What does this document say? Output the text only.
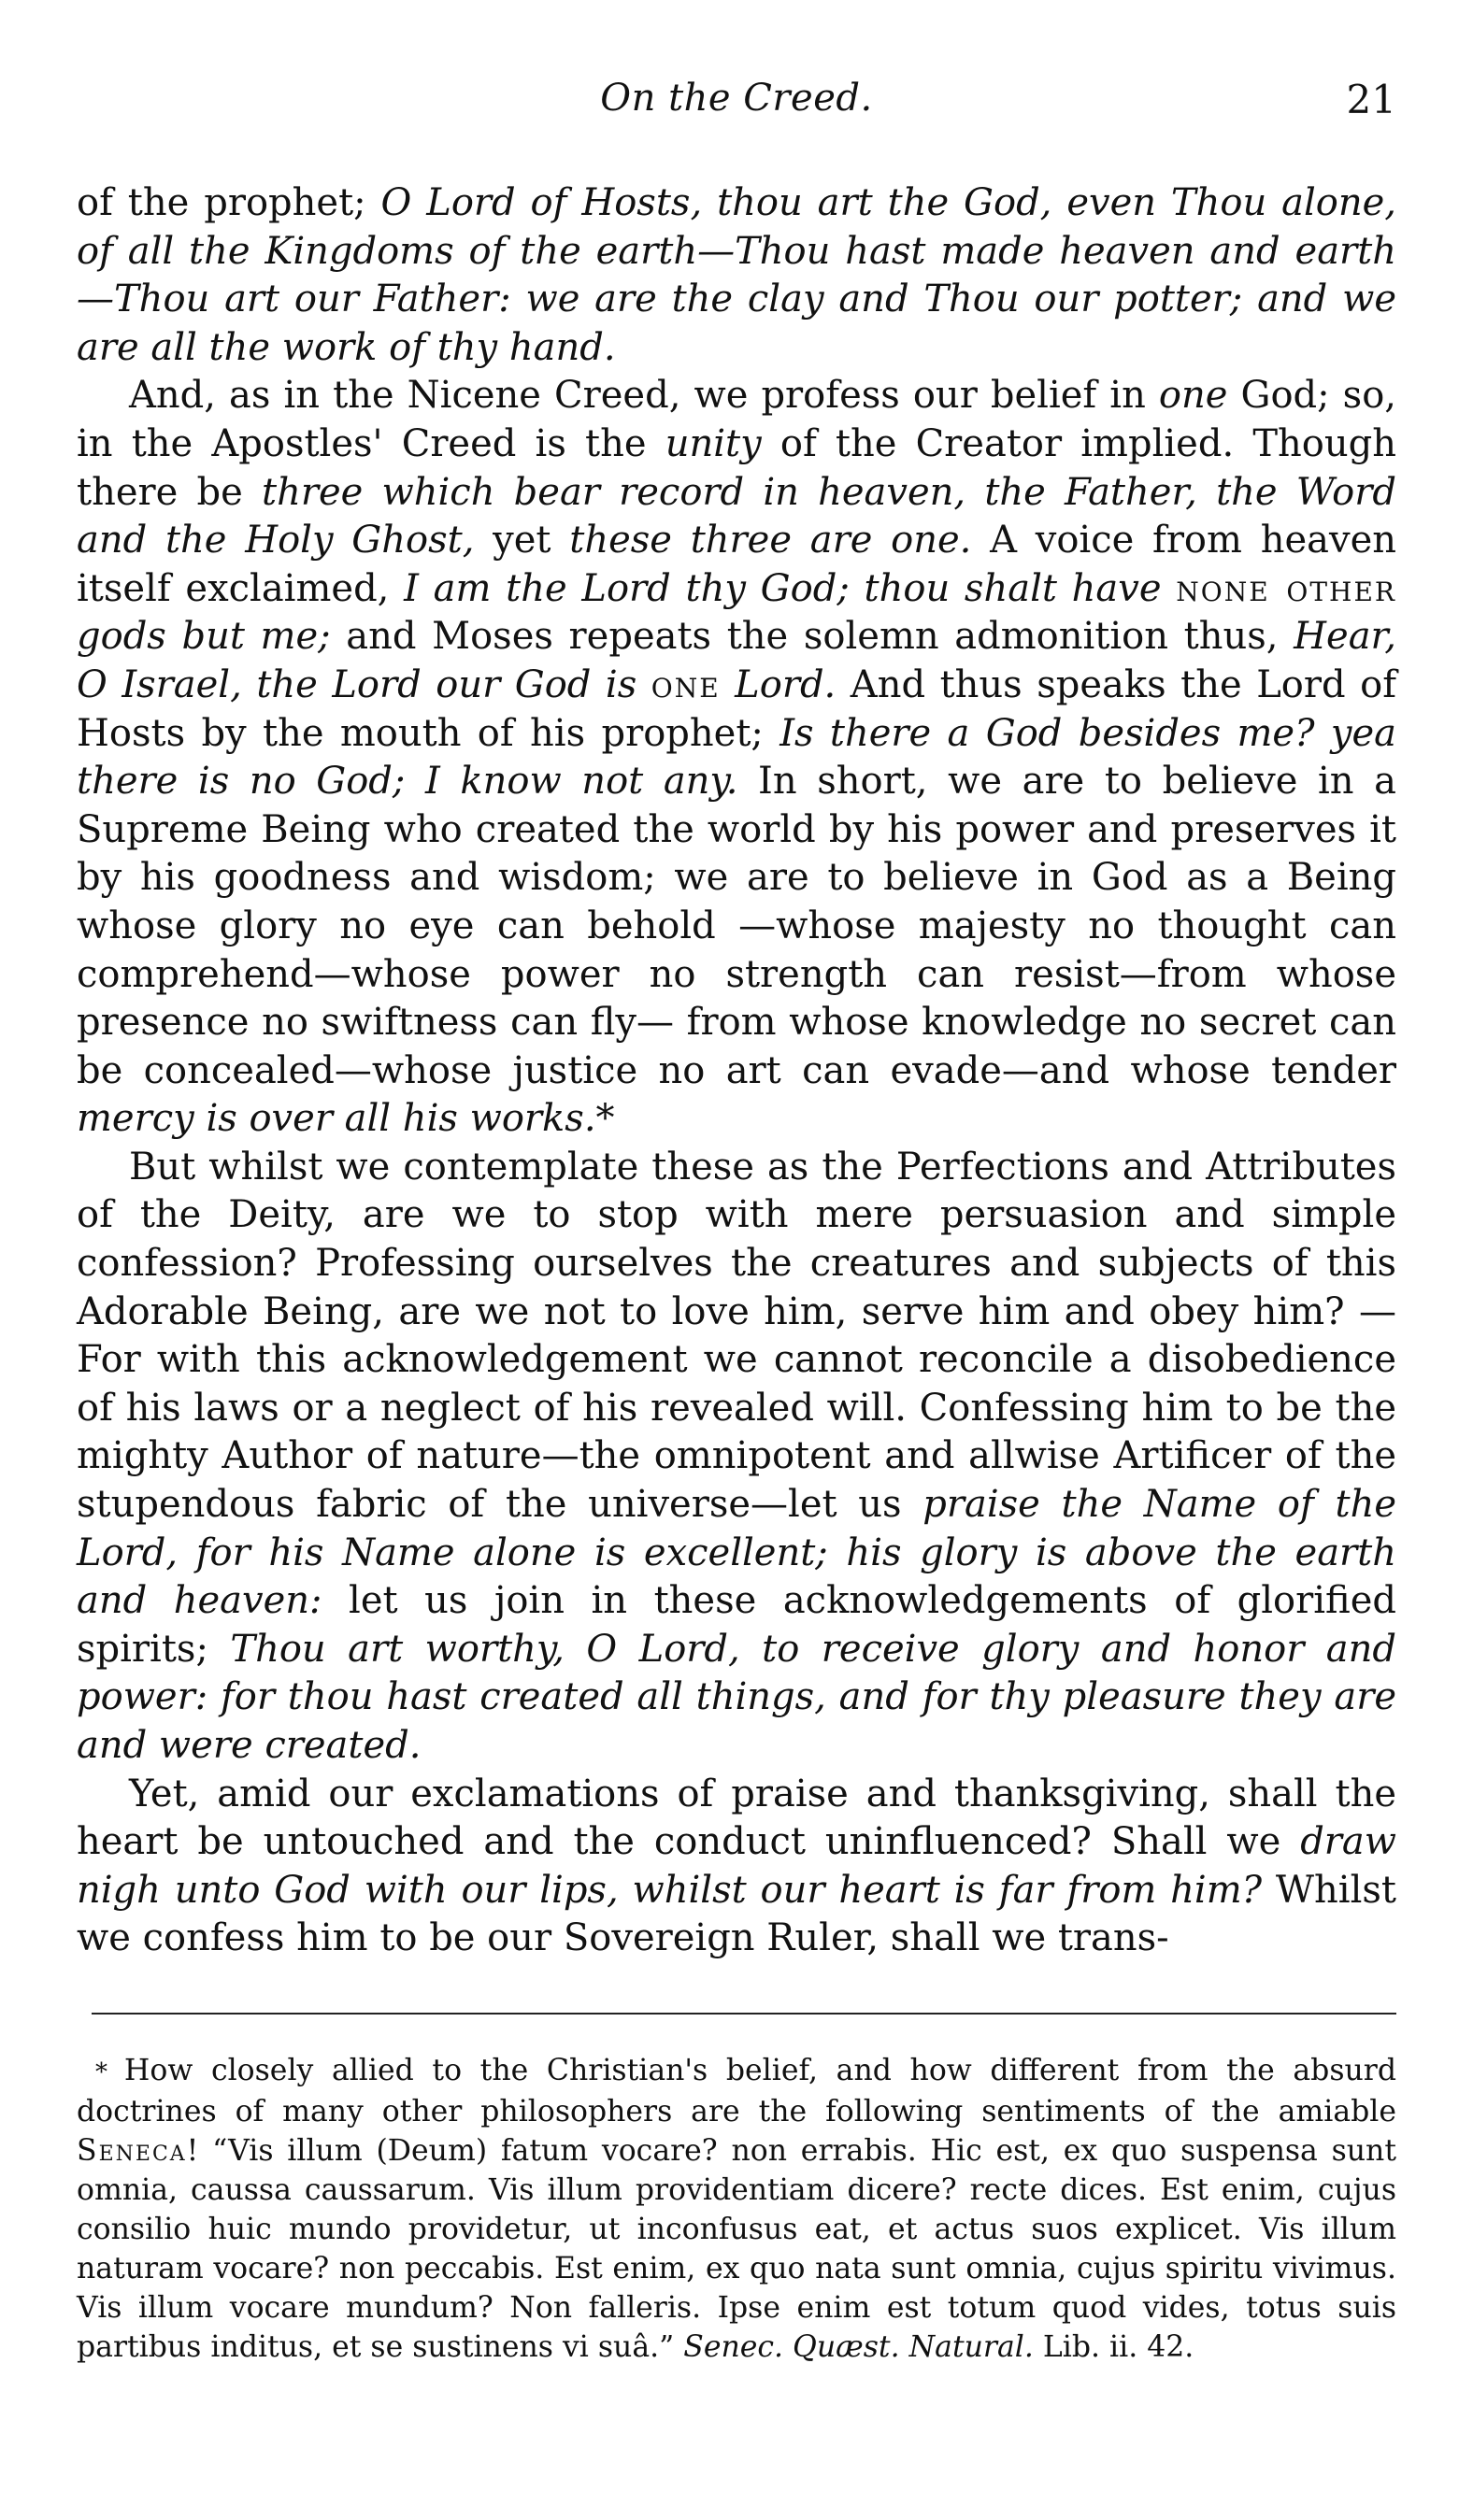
On the Creed.	21

of the prophet; O Lord of Hosts, thou art the God, even Thou alone, of all the Kingdoms of the earth—Thou hast made heaven and earth—Thou art our Father: we are the clay and Thou our potter; and we are all the work of thy hand.

And, as in the Nicene Creed, we profess our belief in one God; so, in the Apostles' Creed is the unity of the Creator implied. Though there be three which bear record in heaven, the Father, the Word and the Holy Ghost, yet these three are one. A voice from heaven itself exclaimed, I am the Lord thy God; thou shalt have none other gods but me; and Moses repeats the solemn admonition thus, Hear, O Israel, the Lord our God is one Lord. And thus speaks the Lord of Hosts by the mouth of his prophet; Is there a God besides me? yea there is no God; I know not any. In short, we are to believe in a Supreme Being who created the world by his power and preserves it by his goodness and wisdom; we are to believe in God as a Being whose glory no eye can behold —whose majesty no thought can comprehend—whose power no strength can resist—from whose presence no swiftness can fly— from whose knowledge no secret can be concealed—whose justice no art can evade—and whose tender mercy is over all his works.*

But whilst we contemplate these as the Perfections and Attributes of the Deity, are we to stop with mere persuasion and simple confession? Professing ourselves the creatures and subjects of this Adorable Being, are we not to love him, serve him and obey him? —For with this acknowledgement we cannot reconcile a disobedience of his laws or a neglect of his revealed will. Confessing him to be the mighty Author of nature—the omnipotent and allwise Artificer of the stupendous fabric of the universe—let us praise the Name of the Lord, for his Name alone is excellent; his glory is above the earth and heaven: let us join in these acknowledgements of glorified spirits; Thou art worthy, O Lord, to receive glory and honor and power: for thou hast created all things, and for thy pleasure they are and were created.

Yet, amid our exclamations of praise and thanksgiving, shall the heart be untouched and the conduct uninfluenced? Shall we draw nigh unto God with our lips, whilst our heart is far from him? Whilst we confess him to be our Sovereign Ruler, shall we trans-

* How closely allied to the Christian's belief, and how different from the absurd doctrines of many other philosophers are the following sentiments of the amiable Seneca! “Vis illum (Deum) fatum vocare? non errabis. Hic est, ex quo suspensa sunt omnia, caussa caussarum. Vis illum providentiam dicere? recte dices. Est enim, cujus consilio huic mundo providetur, ut inconfusus eat, et actus suos explicet. Vis illum naturam vocare? non peccabis. Est enim, ex quo nata sunt omnia, cujus spiritu vivimus. Vis illum vocare mundum? Non falleris. Ipse enim est totum quod vides, totus suis partibus inditus, et se sustinens vi suâ.” Senec. Quæst. Natural. Lib. ii. 42.
